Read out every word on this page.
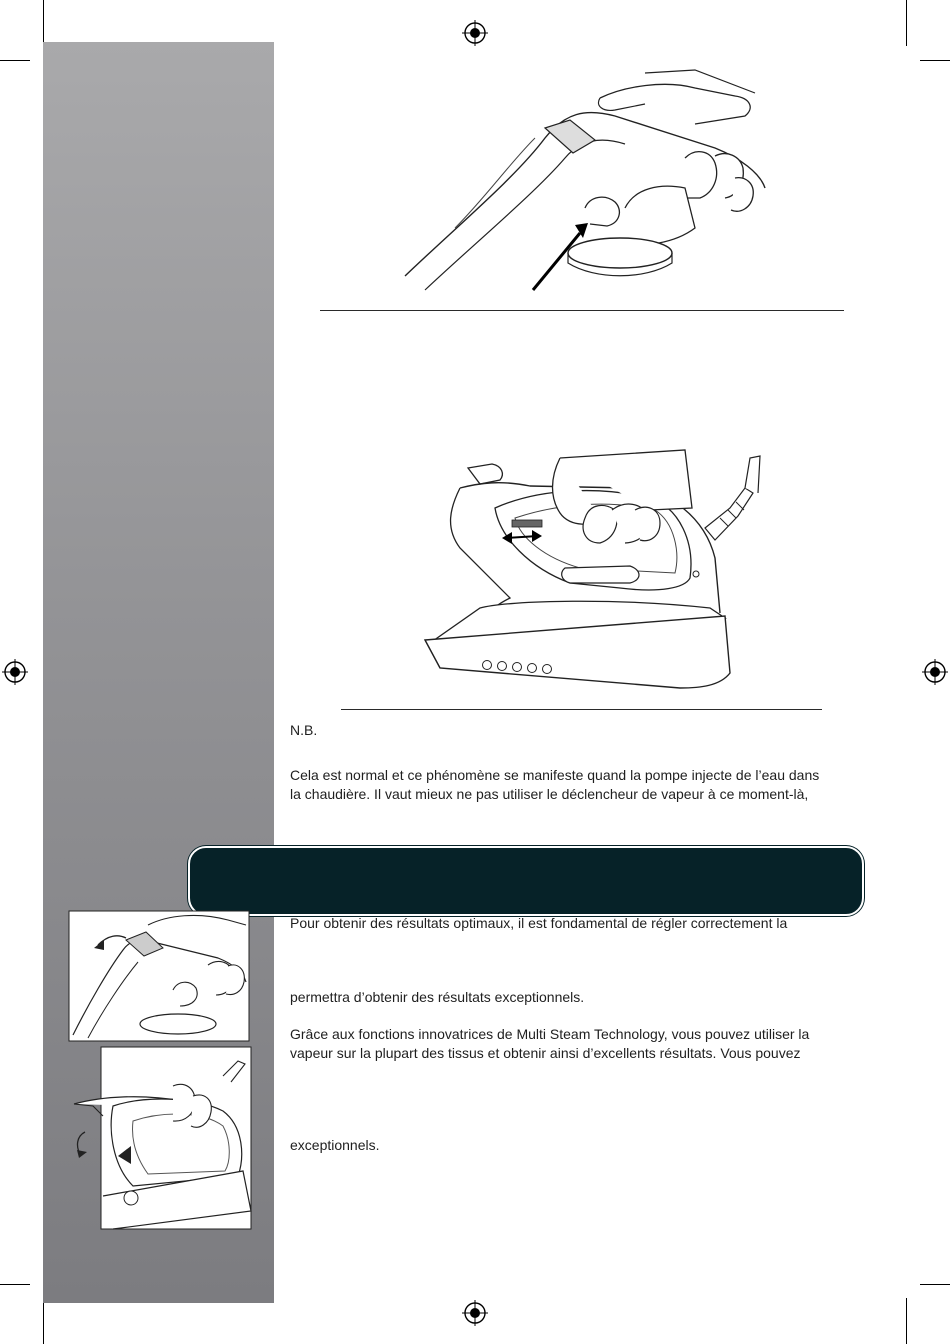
N.B.
Cela est normal et ce phénomène se manifeste quand la pompe injecte de l’eau dans
la chaudière. Il vaut mieux ne pas utiliser le déclencheur de vapeur à ce moment-là,
Pour obtenir des résultats optimaux, il est fondamental de régler correctement la
permettra d’obtenir des résultats exceptionnels.
Grâce aux fonctions innovatrices de Multi Steam Technology, vous pouvez utiliser la
vapeur sur la plupart des tissus et obtenir ainsi d’excellents résultats. Vous pouvez
exceptionnels.
